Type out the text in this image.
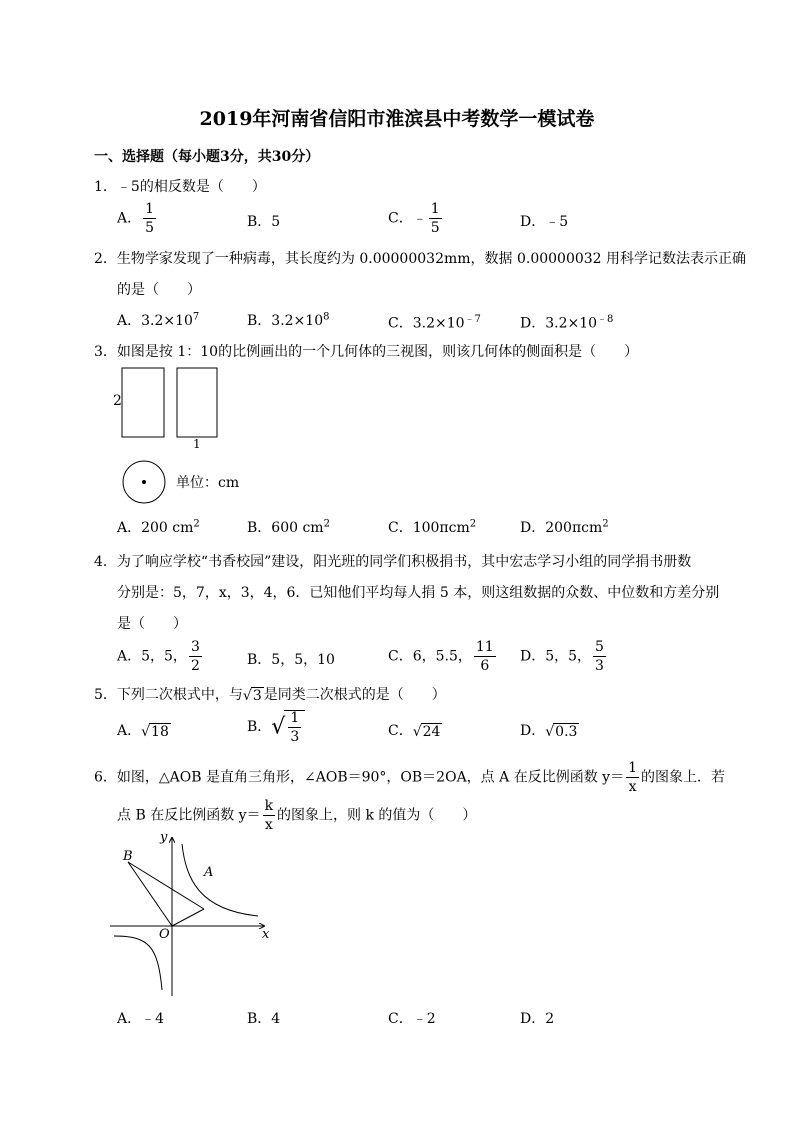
2019年河南省信阳市淮滨县中考数学一模试卷
一、选择题（每小题3分，共30分）
1．﹣5的相反数是（　　）
A． $\frac{1}{5}$	B．5	C．﹣ $\frac{1}{5}$	D．﹣5
2．生物学家发现了一种病毒，其长度约为 0.00000032mm，数据 0.00000032 用科学记数法表示正确
的是（　　）
A．$3.2\times 10^7$	B．$3.2\times 10^8$	C．$3.2\times 10^{﹣7}$	D．$3.2\times 10^{﹣8}$
3．如图是按 1：10的比例画出的一个几何体的三视图，则该几何体的侧面积是（　　）
2
1
单位：cm
A．200 $cm^2$	B．600 $cm^2$	C．100πcm$^2$	D．200πcm$^2$
4．为了响应学校“书香校园”建设，阳光班的同学们积极捐书，其中宏志学习小组的同学捐书册数
分别是：5，7，x，3，4，6．已知他们平均每人捐 5 本，则这组数据的众数、中位数和方差分别
是（　　）
A．5，5， $\frac{3}{2}$	B．5，5，10	C．6，5.5， $\frac{11}{6}$ D．5，5， $\frac{5}{3}$
5．下列二次根式中，与√3 是同类二次根式的是（　　）
A．√18	B．√ $\frac{1}{3}$	C．√24	D．√0.3
6．如图，△AOB 是直角三角形，∠AOB＝90°，OB＝2OA，点 A 在反比例函数 $y= \frac{1}{x}$ 的图象上．若
点 B 在反比例函数 $y= \frac{k}{x}$ 的图象上，则 k 的值为（　　）
B
y
A
O	x
A．﹣4	B．4	C．﹣2	D．2
